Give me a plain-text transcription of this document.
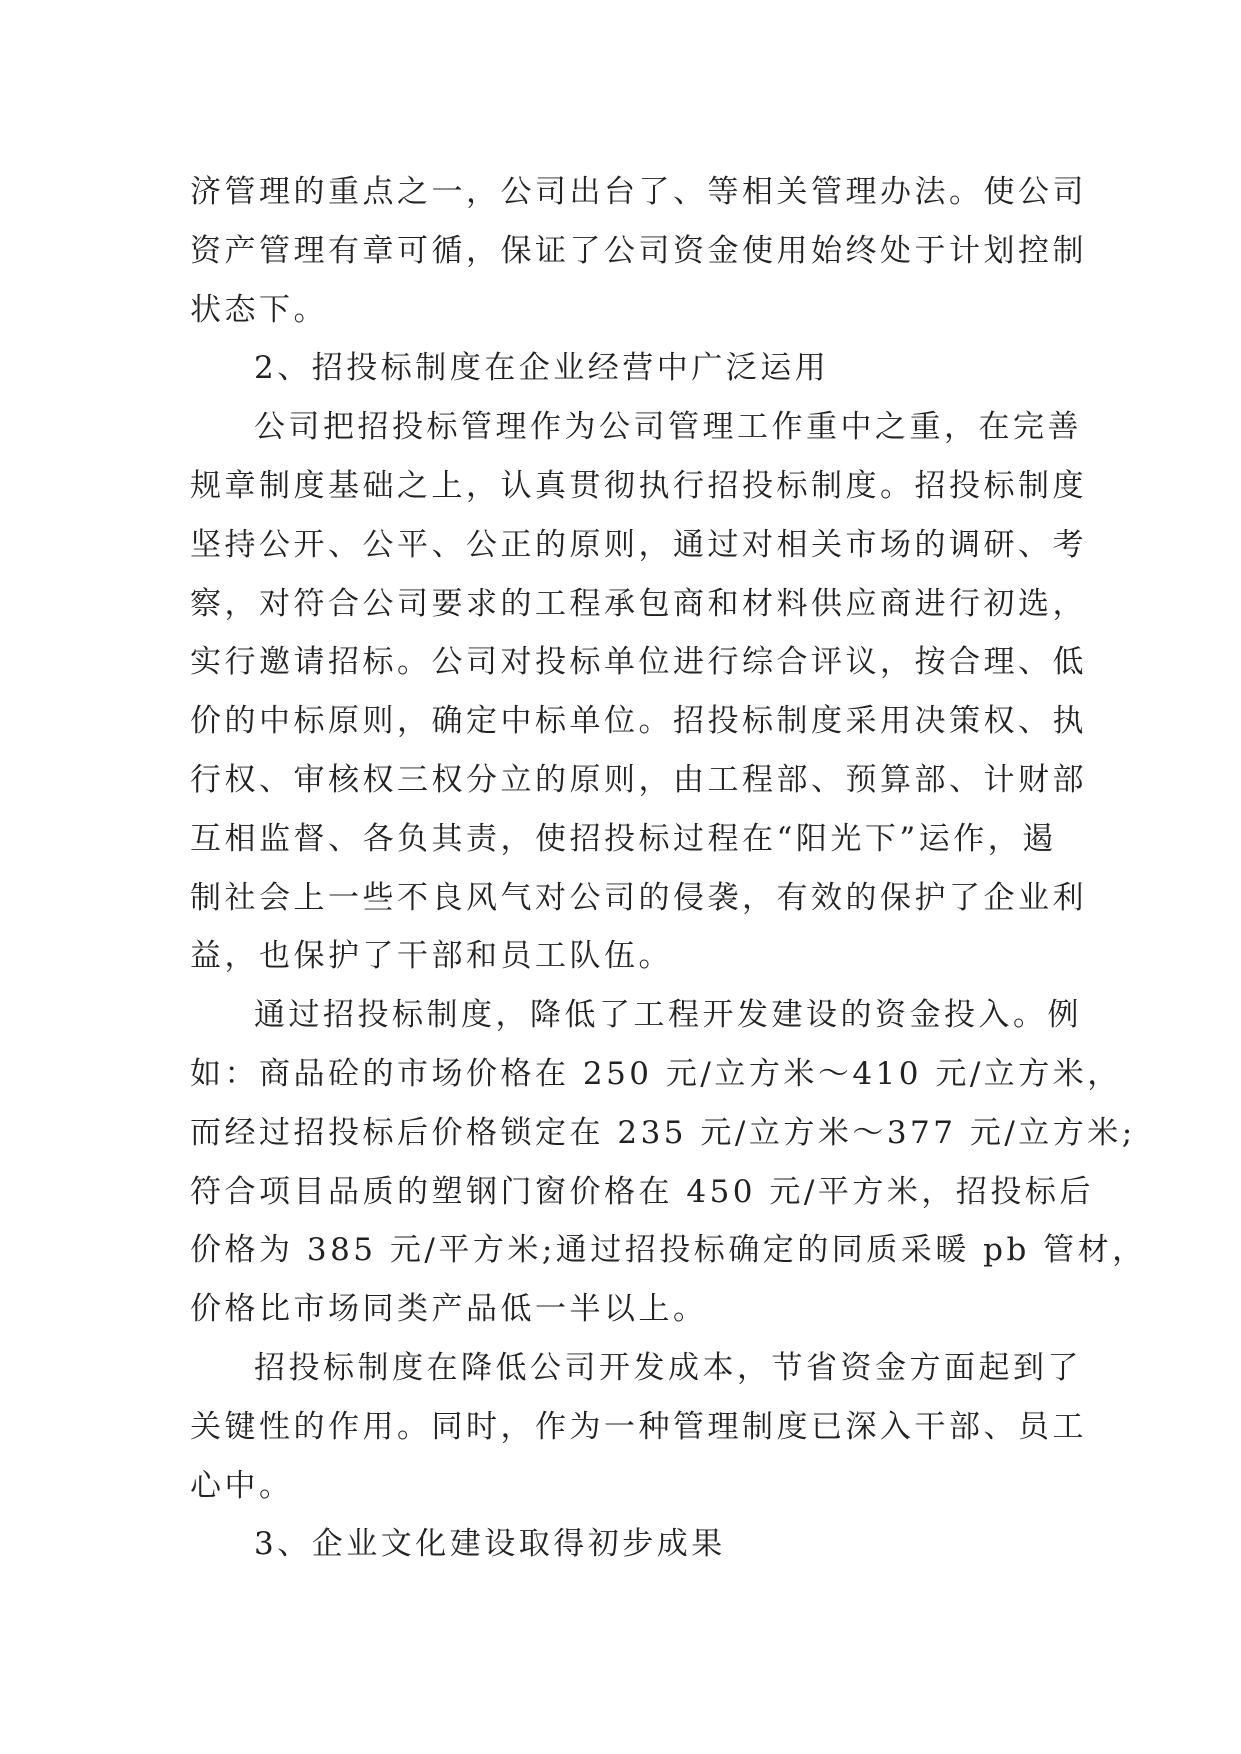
济管理的重点之一，公司出台了、等相关管理办法。使公司
资产管理有章可循，保证了公司资金使用始终处于计划控制
状态下。
2、招投标制度在企业经营中广泛运用
公司把招投标管理作为公司管理工作重中之重，在完善
规章制度基础之上，认真贯彻执行招投标制度。招投标制度
坚持公开、公平、公正的原则，通过对相关市场的调研、考
察，对符合公司要求的工程承包商和材料供应商进行初选，
实行邀请招标。公司对投标单位进行综合评议，按合理、低
价的中标原则，确定中标单位。招投标制度采用决策权、执
行权、审核权三权分立的原则，由工程部、预算部、计财部
互相监督、各负其责，使招投标过程在“阳光下”运作，遏
制社会上一些不良风气对公司的侵袭，有效的保护了企业利
益，也保护了干部和员工队伍。
通过招投标制度，降低了工程开发建设的资金投入。例
如：商品砼的市场价格在 250 元/立方米～410 元/立方米，
而经过招投标后价格锁定在 235 元/立方米～377 元/立方米;
符合项目品质的塑钢门窗价格在 450 元/平方米，招投标后
价格为 385 元/平方米;通过招投标确定的同质采暖 pb 管材，
价格比市场同类产品低一半以上。
招投标制度在降低公司开发成本，节省资金方面起到了
关键性的作用。同时，作为一种管理制度已深入干部、员工
心中。
3、企业文化建设取得初步成果
